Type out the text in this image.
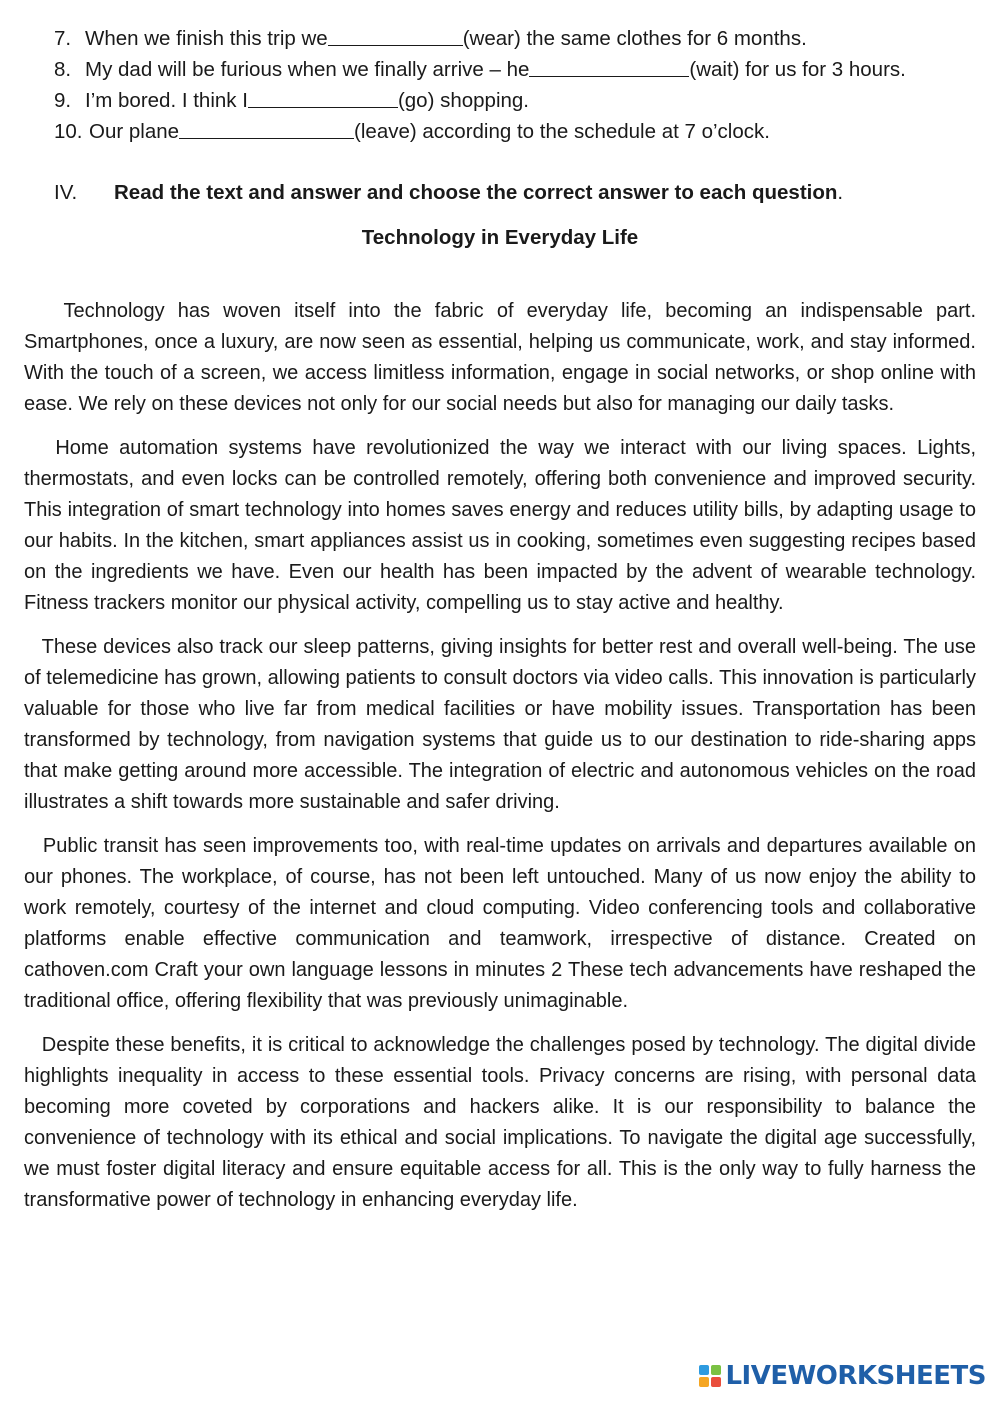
7. When we finish this trip we	(wear) the same clothes for 6 months.
8. My dad will be furious when we finally arrive – he	(wait) for us for 3 hours.
9. I’m bored. I think I	(go) shopping.
10. Our plane	(leave) according to the schedule at 7 o’clock.
IV.	Read the text and answer and choose the correct answer to each question.
Technology in Everyday Life

Technology has woven itself into the fabric of everyday life, becoming an indispensable part. Smartphones, once a luxury, are now seen as essential, helping us communicate, work, and stay informed. With the touch of a screen, we access limitless information, engage in social networks, or shop online with ease. We rely on these devices not only for our social needs but also for managing our daily tasks.

Home automation systems have revolutionized the way we interact with our living spaces. Lights, thermostats, and even locks can be controlled remotely, offering both convenience and improved security. This integration of smart technology into homes saves energy and reduces utility bills, by adapting usage to our habits. In the kitchen, smart appliances assist us in cooking, sometimes even suggesting recipes based on the ingredients we have. Even our health has been impacted by the advent of wearable technology. Fitness trackers monitor our physical activity, compelling us to stay active and healthy.

These devices also track our sleep patterns, giving insights for better rest and overall well-being. The use of telemedicine has grown, allowing patients to consult doctors via video calls. This innovation is particularly valuable for those who live far from medical facilities or have mobility issues. Transportation has been transformed by technology, from navigation systems that guide us to our destination to ride-sharing apps that make getting around more accessible. The integration of electric and autonomous vehicles on the road illustrates a shift towards more sustainable and safer driving.

Public transit has seen improvements too, with real-time updates on arrivals and departures available on our phones. The workplace, of course, has not been left untouched. Many of us now enjoy the ability to work remotely, courtesy of the internet and cloud computing. Video conferencing tools and collaborative platforms enable effective communication and teamwork, irrespective of distance. Created on cathoven.com Craft your own language lessons in minutes 2 These tech advancements have reshaped the traditional office, offering flexibility that was previously unimaginable.

Despite these benefits, it is critical to acknowledge the challenges posed by technology. The digital divide highlights inequality in access to these essential tools. Privacy concerns are rising, with personal data becoming more coveted by corporations and hackers alike. It is our responsibility to balance the convenience of technology with its ethical and social implications. To navigate the digital age successfully, we must foster digital literacy and ensure equitable access for all. This is the only way to fully harness the transformative power of technology in enhancing everyday life.

LIVEWORKSHEETS
